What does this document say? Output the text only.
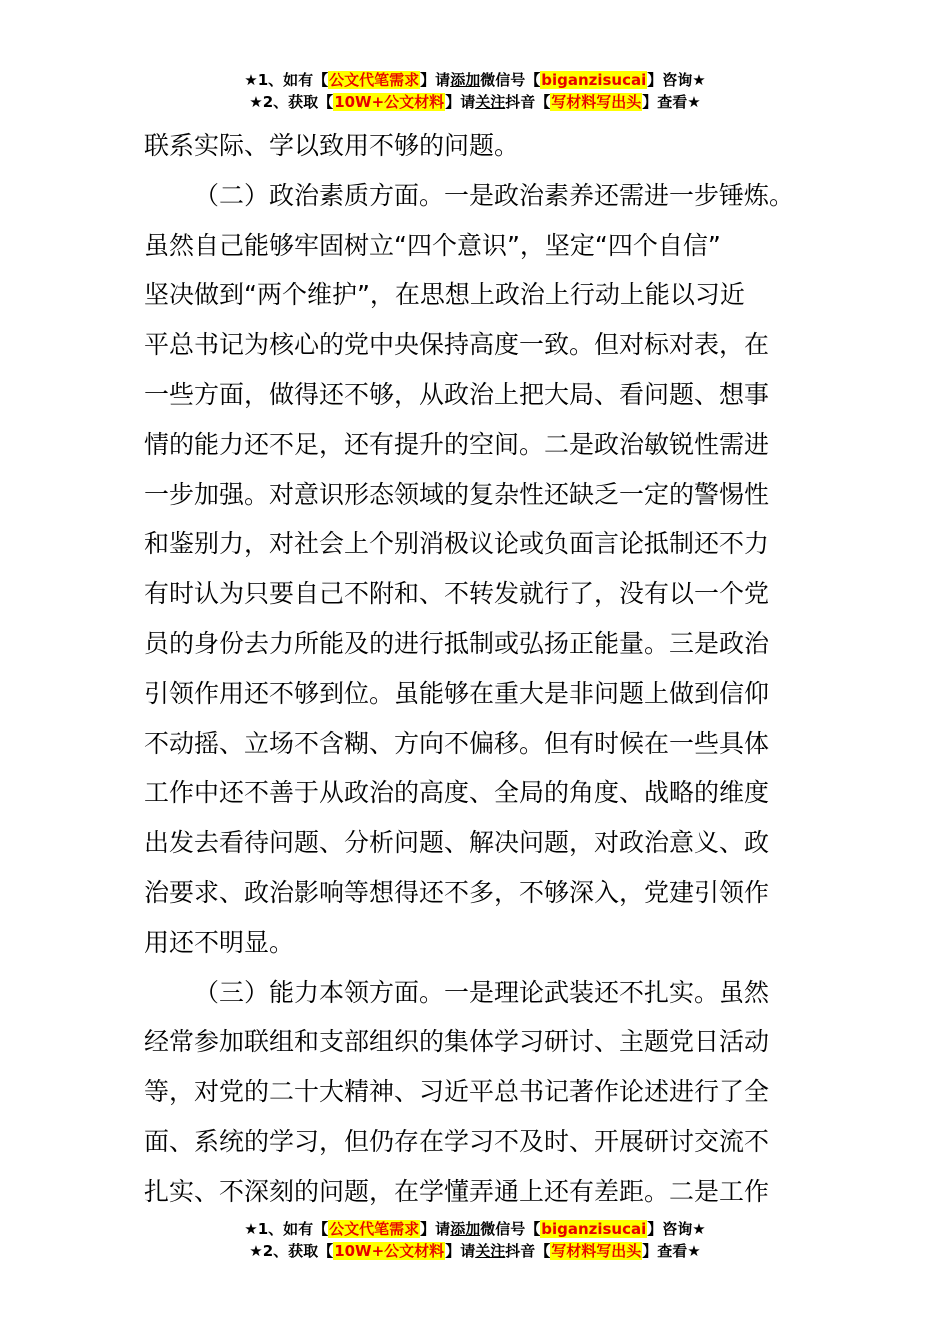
★1、如有【公文代笔需求】请添加微信号【biganzisucai】咨询★
★2、获取【10W+公文材料】请关注抖音【写材料写出头】查看★

联系实际、学以致用不够的问题。

（二）政治素质方面。一是政治素养还需进一步锤炼。
虽然自己能够牢固树立“四个意识”，坚定“四个自信”
坚决做到“两个维护”，在思想上政治上行动上能以习近
平总书记为核心的党中央保持高度一致。但对标对表，在
一些方面，做得还不够，从政治上把大局、看问题、想事
情的能力还不足，还有提升的空间。二是政治敏锐性需进
一步加强。对意识形态领域的复杂性还缺乏一定的警惕性
和鉴别力，对社会上个别消极议论或负面言论抵制还不力
有时认为只要自己不附和、不转发就行了，没有以一个党
员的身份去力所能及的进行抵制或弘扬正能量。三是政治
引领作用还不够到位。虽能够在重大是非问题上做到信仰
不动摇、立场不含糊、方向不偏移。但有时候在一些具体
工作中还不善于从政治的高度、全局的角度、战略的维度
出发去看待问题、分析问题、解决问题，对政治意义、政
治要求、政治影响等想得还不多，不够深入，党建引领作
用还不明显。

（三）能力本领方面。一是理论武装还不扎实。虽然
经常参加联组和支部组织的集体学习研讨、主题党日活动
等，对党的二十大精神、习近平总书记著作论述进行了全
面、系统的学习，但仍存在学习不及时、开展研讨交流不
扎实、不深刻的问题，在学懂弄通上还有差距。二是工作

★1、如有【公文代笔需求】请添加微信号【biganzisucai】咨询★
★2、获取【10W+公文材料】请关注抖音【写材料写出头】查看★
